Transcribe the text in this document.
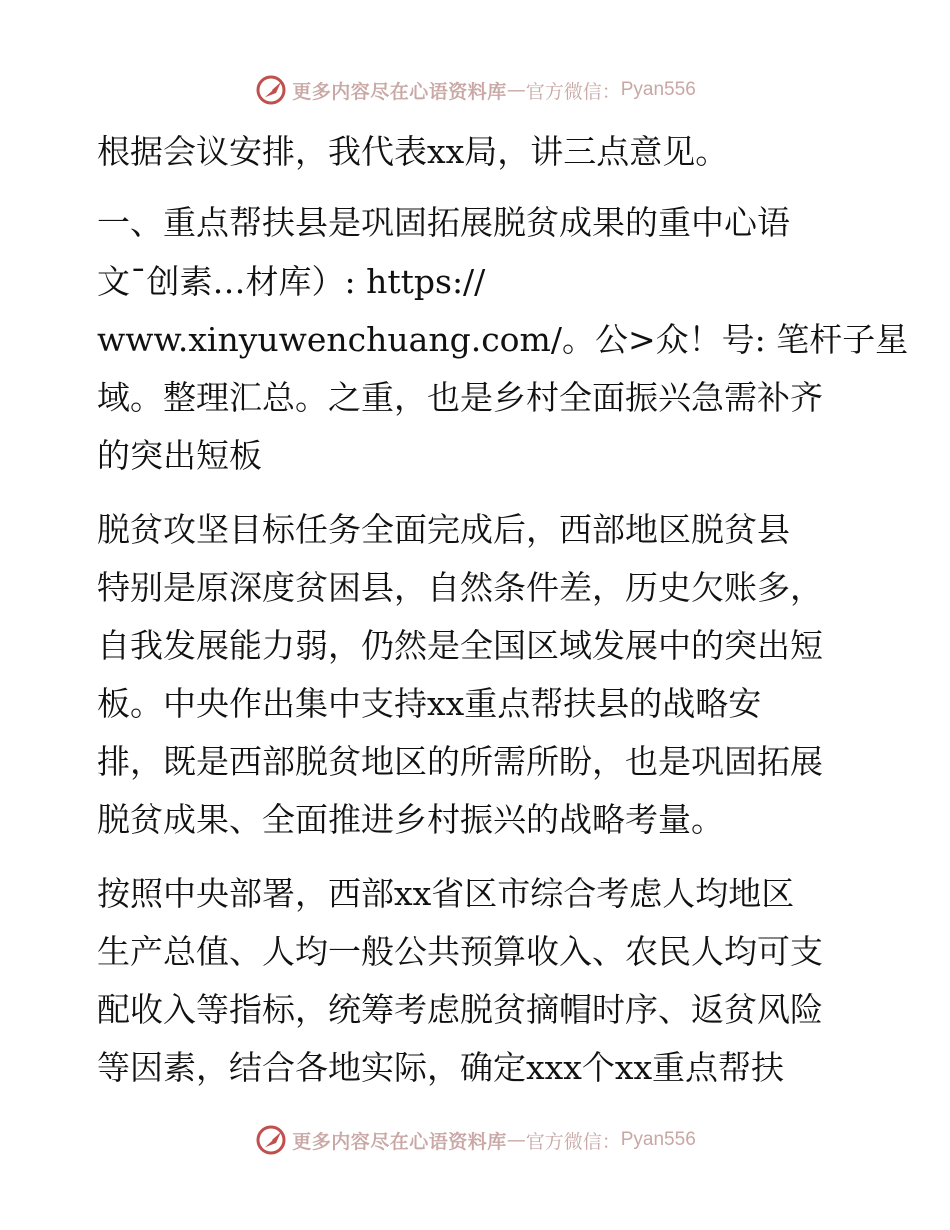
更多内容尽在心语资料库 — 官方微信： Pyan556
根据会议安排，我代表xx局，讲三点意见。
一、重点帮扶县是巩固拓展脱贫成果的重中心语
文¯创素…材库）: https://
www.xinyuwenchuang.com/。公>众！号: 笔杆子星
域。整理汇总。之重，也是乡村全面振兴急需补齐
的突出短板
脱贫攻坚目标任务全面完成后，西部地区脱贫县
特别是原深度贫困县，自然条件差，历史欠账多，
自我发展能力弱，仍然是全国区域发展中的突出短
板。中央作出集中支持xx重点帮扶县的战略安
排，既是西部脱贫地区的所需所盼，也是巩固拓展
脱贫成果、全面推进乡村振兴的战略考量。
按照中央部署，西部xx省区市综合考虑人均地区
生产总值、人均一般公共预算收入、农民人均可支
配收入等指标，统筹考虑脱贫摘帽时序、返贫风险
等因素，结合各地实际，确定xxx个xx重点帮扶
更多内容尽在心语资料库 — 官方微信： Pyan556
